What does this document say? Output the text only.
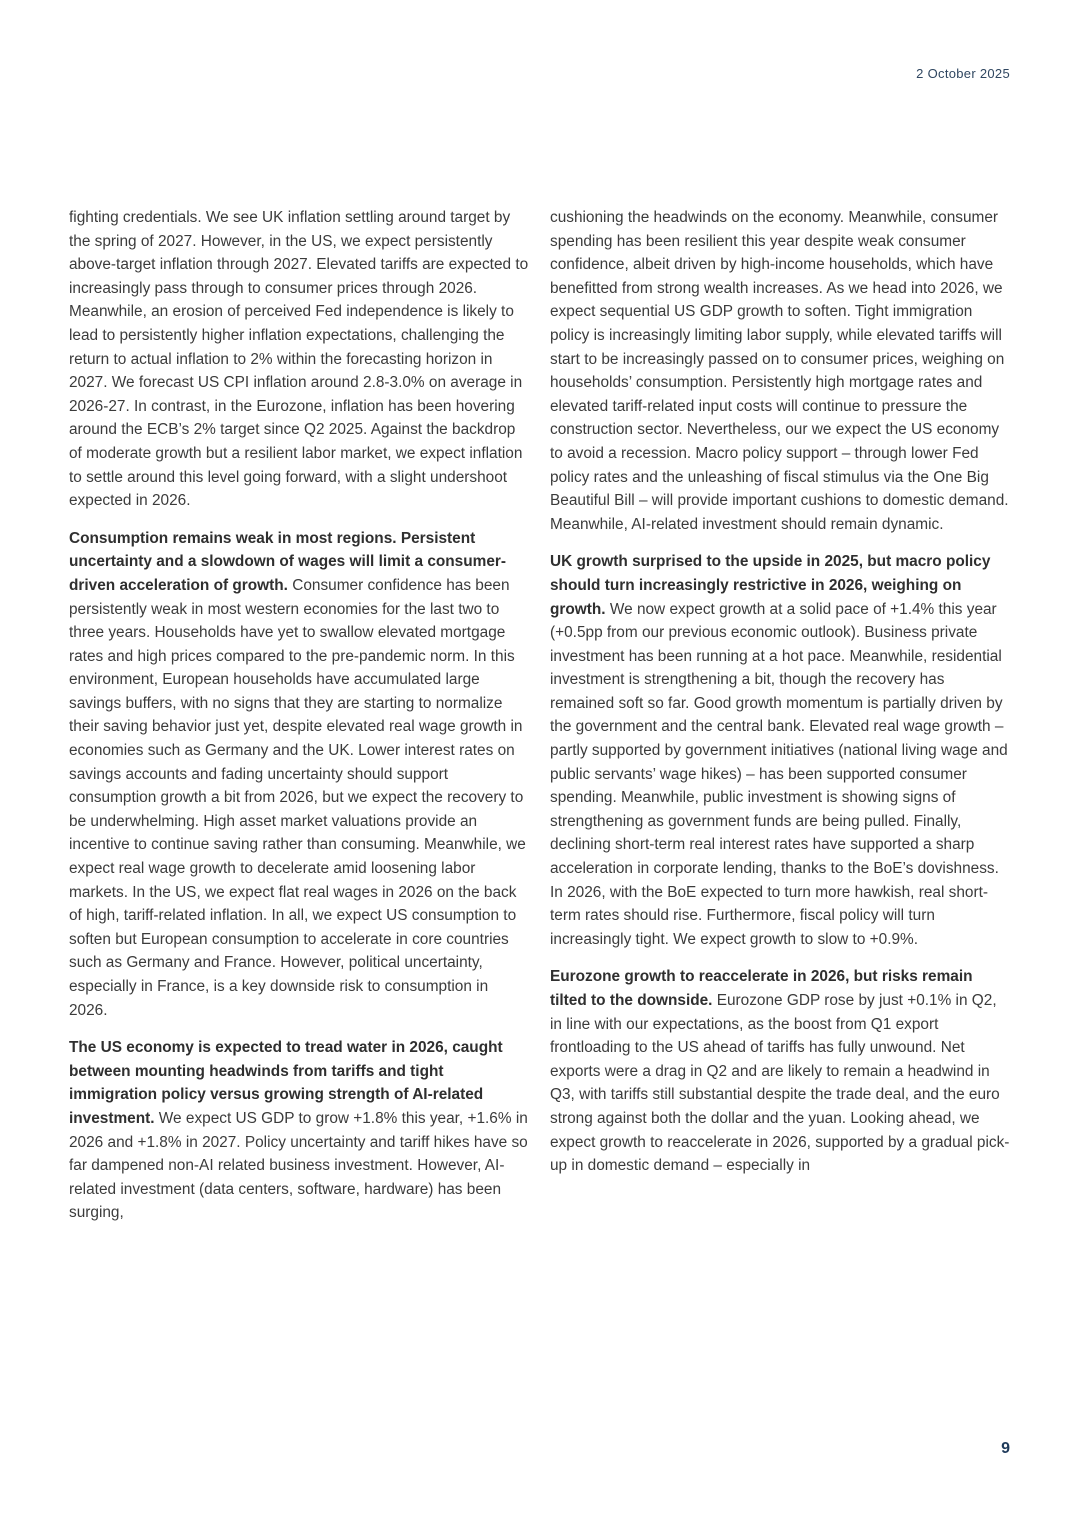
2 October 2025

fighting credentials. We see UK inflation settling around target by the spring of 2027. However, in the US, we expect persistently above-target inflation through 2027. Elevated tariffs are expected to increasingly pass through to consumer prices through 2026. Meanwhile, an erosion of perceived Fed independence is likely to lead to persistently higher inflation expectations, challenging the return to actual inflation to 2% within the forecasting horizon in 2027. We forecast US CPI inflation around 2.8-3.0% on average in 2026-27. In contrast, in the Eurozone, inflation has been hovering around the ECB’s 2% target since Q2 2025. Against the backdrop of moderate growth but a resilient labor market, we expect inflation to settle around this level going forward, with a slight undershoot expected in 2026.

Consumption remains weak in most regions. Persistent uncertainty and a slowdown of wages will limit a consumer-driven acceleration of growth. Consumer confidence has been persistently weak in most western economies for the last two to three years. Households have yet to swallow elevated mortgage rates and high prices compared to the pre-pandemic norm. In this environment, European households have accumulated large savings buffers, with no signs that they are starting to normalize their saving behavior just yet, despite elevated real wage growth in economies such as Germany and the UK. Lower interest rates on savings accounts and fading uncertainty should support consumption growth a bit from 2026, but we expect the recovery to be underwhelming. High asset market valuations provide an incentive to continue saving rather than consuming. Meanwhile, we expect real wage growth to decelerate amid loosening labor markets. In the US, we expect flat real wages in 2026 on the back of high, tariff-related inflation. In all, we expect US consumption to soften but European consumption to accelerate in core countries such as Germany and France. However, political uncertainty, especially in France, is a key downside risk to consumption in 2026.

The US economy is expected to tread water in 2026, caught between mounting headwinds from tariffs and tight immigration policy versus growing strength of AI-related investment. We expect US GDP to grow +1.8% this year, +1.6% in 2026 and +1.8% in 2027. Policy uncertainty and tariff hikes have so far dampened non-AI related business investment. However, AI-related investment (data centers, software, hardware) has been surging,

cushioning the headwinds on the economy. Meanwhile, consumer spending has been resilient this year despite weak consumer confidence, albeit driven by high-income households, which have benefitted from strong wealth increases. As we head into 2026, we expect sequential US GDP growth to soften. Tight immigration policy is increasingly limiting labor supply, while elevated tariffs will start to be increasingly passed on to consumer prices, weighing on households’ consumption. Persistently high mortgage rates and elevated tariff-related input costs will continue to pressure the construction sector. Nevertheless, our we expect the US economy to avoid a recession. Macro policy support – through lower Fed policy rates and the unleashing of fiscal stimulus via the One Big Beautiful Bill – will provide important cushions to domestic demand. Meanwhile, AI-related investment should remain dynamic.

UK growth surprised to the upside in 2025, but macro policy should turn increasingly restrictive in 2026, weighing on growth. We now expect growth at a solid pace of +1.4% this year (+0.5pp from our previous economic outlook). Business private investment has been running at a hot pace. Meanwhile, residential investment is strengthening a bit, though the recovery has remained soft so far. Good growth momentum is partially driven by the government and the central bank. Elevated real wage growth – partly supported by government initiatives (national living wage and public servants’ wage hikes) – has been supported consumer spending. Meanwhile, public investment is showing signs of strengthening as government funds are being pulled. Finally, declining short-term real interest rates have supported a sharp acceleration in corporate lending, thanks to the BoE’s dovishness. In 2026, with the BoE expected to turn more hawkish, real short-term rates should rise. Furthermore, fiscal policy will turn increasingly tight. We expect growth to slow to +0.9%.

Eurozone growth to reaccelerate in 2026, but risks remain tilted to the downside. Eurozone GDP rose by just +0.1% in Q2, in line with our expectations, as the boost from Q1 export frontloading to the US ahead of tariffs has fully unwound. Net exports were a drag in Q2 and are likely to remain a headwind in Q3, with tariffs still substantial despite the trade deal, and the euro strong against both the dollar and the yuan. Looking ahead, we expect growth to reaccelerate in 2026, supported by a gradual pick-up in domestic demand – especially in

9
